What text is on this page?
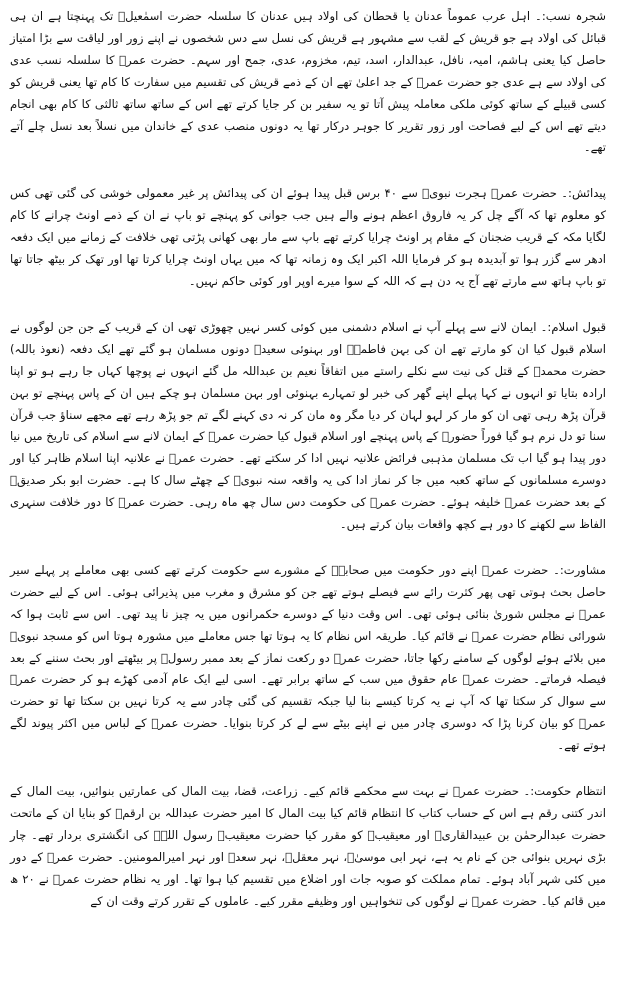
شجرہ نسب:۔ اہل عرب عموماً عدنان یا قحطان کی اولاد ہیں عدنان کا سلسلہ حضرت اسمٰعیلؑ تک پہنچتا ہے ان ہی قبائل کی اولاد ہے جو قریش کے لقب سے مشہور ہے قریش کی نسل سے دس شخصوں نے اپنے زور اور لیاقت سے بڑا امتیاز حاصل کیا یعنی ہاشم، امیہ، نافل، عبدالدار، اسد، تیم، مخزوم، عدی، جمح اور سہم۔ حضرت عمرؓ کا سلسلہ نسب عدی کی اولاد سے ہے عدی جو حضرت عمرؓ کے جد اعلیٰ تھے ان کے ذمے قریش کی تقسیم میں سفارت کا کام تھا یعنی قریش کو کسی قبیلے کے ساتھ کوئی ملکی معاملہ پیش آتا تو یہ سفیر بن کر جایا کرتے تھے اس کے ساتھ ساتھ ثالثی کا کام بھی انجام دیتے تھے اس کے لیے فصاحت اور زور تقریر کا جوہر درکار تھا یہ دونوں منصب عدی کے خاندان میں نسلاً بعد نسل چلے آتے تھے۔

پیدائش:۔ حضرت عمرؓ ہجرت نبویؐ سے ۴۰ برس قبل پیدا ہوئے ان کی پیدائش پر غیر معمولی خوشی کی گئی تھی کس کو معلوم تھا کہ آگے چل کر یہ فاروق اعظم ہونے والے ہیں جب جوانی کو پہنچے تو باپ نے ان کے ذمے اونٹ چرانے کا کام لگایا مکہ کے قریب ضجنان کے مقام پر اونٹ چرایا کرتے تھے باپ سے مار بھی کھانی پڑتی تھی خلافت کے زمانے میں ایک دفعہ ادھر سے گزر ہوا تو آبدیدہ ہو کر فرمایا اللہ اکبر ایک وہ زمانہ تھا کہ میں یہاں اونٹ چرایا کرتا تھا اور تھک کر بیٹھ جاتا تھا تو باپ ہاتھ سے مارتے تھے آج یہ دن ہے کہ اللہ کے سوا میرے اوپر اور کوئی حاکم نہیں۔

قبول اسلام:۔ ایمان لانے سے پہلے آپ نے اسلام دشمنی میں کوئی کسر نہیں چھوڑی تھی ان کے قریب کے جن جن لوگوں نے اسلام قبول کیا ان کو مارتے تھے ان کی بہن فاطمہؓ اور بہنوئی سعیدؓ دونوں مسلمان ہو گئے تھے ایک دفعہ (نعوذ باللہ) حضرت محمدؐ کے قتل کی نیت سے نکلے راستے میں اتفاقاً نعیم بن عبداللہ مل گئے انہوں نے پوچھا کہاں جا رہے ہو تو اپنا ارادہ بتایا تو انہوں نے کہا پہلے اپنے گھر کی خبر لو تمہارے بہنوئی اور بہن مسلمان ہو چکے ہیں ان کے پاس پہنچے تو بہن قرآن پڑھ رہی تھی ان کو مار کر لہو لہان کر دیا مگر وہ مان کر نہ دی کہنے لگے تم جو پڑھ رہے تھے مجھے سناؤ جب قرآن سنا تو دل نرم ہو گیا فوراً حضورؐ کے پاس پہنچے اور اسلام قبول کیا حضرت عمرؓ کے ایمان لانے سے اسلام کی تاریخ میں نیا دور پیدا ہو گیا اب تک مسلمان مذہبی فرائض علانیہ نہیں ادا کر سکتے تھے۔ حضرت عمرؓ نے علانیہ اپنا اسلام ظاہر کیا اور دوسرے مسلمانوں کے ساتھ کعبہ میں جا کر نماز ادا کی یہ واقعہ سنہ نبویؐ کے چھٹے سال کا ہے۔ حضرت ابو بکر صدیقؓ کے بعد حضرت عمرؓ خلیفہ ہوئے۔ حضرت عمرؓ کی حکومت دس سال چھ ماہ رہی۔ حضرت عمرؓ کا دور خلافت سنہری الفاظ سے لکھنے کا دور ہے کچھ واقعات بیان کرتے ہیں۔

مشاورت:۔ حضرت عمرؓ اپنے دور حکومت میں صحابہؓ کے مشورے سے حکومت کرتے تھے کسی بھی معاملے پر پہلے سیر حاصل بحث ہوتی تھی پھر کثرت رائے سے فیصلے ہوتے تھے جن کو مشرق و مغرب میں پذیرائی ہوئی۔ اس کے لیے حضرت عمرؓ نے مجلس شوریٰ بنائی ہوئی تھی۔ اس وقت دنیا کے دوسرے حکمرانوں میں یہ چیز نا پید تھی۔ اس سے ثابت ہوا کہ شورائی نظام حضرت عمرؓ نے قائم کیا۔ طریقہ اس نظام کا یہ ہوتا تھا جس معاملے میں مشورہ ہوتا اس کو مسجد نبویؐ میں بلائے ہوئے لوگوں کے سامنے رکھا جاتا، حضرت عمرؓ دو رکعت نماز کے بعد ممبر رسولؐ پر بیٹھتے اور بحث سننے کے بعد فیصلہ فرماتے۔ حضرت عمرؓ عام حقوق میں سب کے ساتھ برابر تھے۔ اسی لیے ایک عام آدمی کھڑے ہو کر حضرت عمرؓ سے سوال کر سکتا تھا کہ آپ نے یہ کرتا کیسے بنا لیا جبکہ تقسیم کی گئی چادر سے یہ کرتا نہیں بن سکتا تھا تو حضرت عمرؓ کو بیان کرنا پڑا کہ دوسری چادر میں نے اپنے بیٹے سے لے کر کرتا بنوایا۔ حضرت عمرؓ کے لباس میں اکثر پیوند لگے ہوتے تھے۔

انتظام حکومت:۔ حضرت عمرؓ نے بہت سے محکمے قائم کیے۔ زراعت، قضا، بیت المال کی عمارتیں بنوائیں، بیت المال کے اندر کتنی رقم ہے اس کے حساب کتاب کا انتظام قائم کیا بیت المال کا امیر حضرت عبداللہ بن ارقمؓ کو بنایا ان کے ماتحت حضرت عبدالرحمٰن بن عبیدالقاریؓ اور معیقیبؓ کو مقرر کیا حضرت معیقیبؓ رسول اللہؐ کی انگشتری بردار تھے۔ چار بڑی نہریں بنوائی جن کے نام یہ ہے، نہر ابی موسیٰؓ، نہر معقلؓ، نہر سعدؓ اور نہر امیرالمومنین۔ حضرت عمرؓ کے دور میں کئی شہر آباد ہوئے۔ تمام مملکت کو صوبہ جات اور اضلاع میں تقسیم کیا ہوا تھا۔ اور یہ نظام حضرت عمرؓ نے ۲۰ ھ میں قائم کیا۔ حضرت عمرؓ نے لوگوں کی تنخواہیں اور وظیفے مقرر کیے۔ عاملوں کے تقرر کرتے وقت ان کے
